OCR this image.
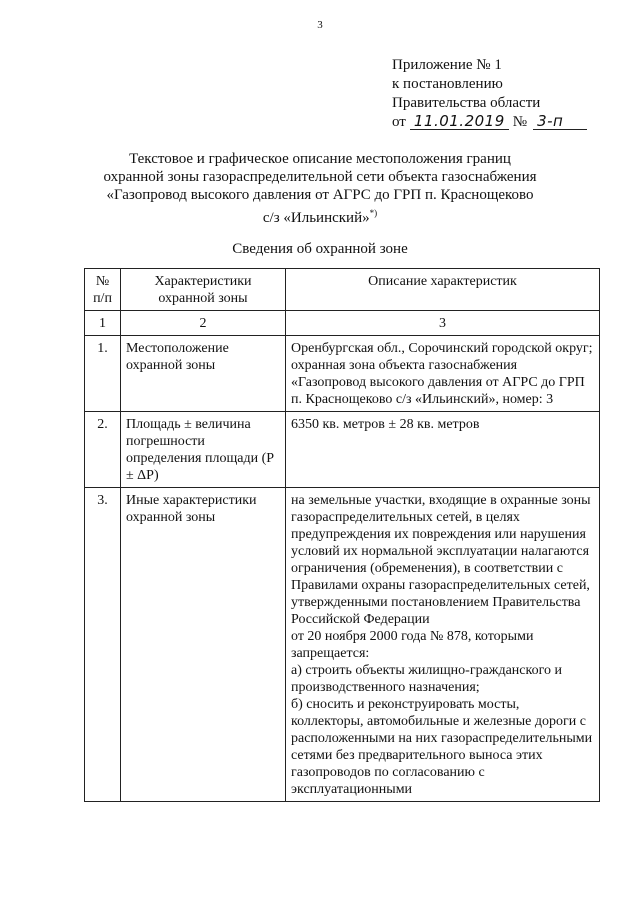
3
Приложение № 1
к постановлению
Правительства области
от 11.01.2019 № 3-п
Текстовое и графическое описание местоположения границ
охранной зоны газораспределительной сети объекта газоснабжения
«Газопровод высокого давления от АГРС до ГРП п. Краснощеково
с/з «Ильинский»*)
Сведения об охранной зоне
№ п/п	Характеристики охранной зоны	Описание характеристик
1	2	3
1.	Местоположение охранной зоны	Оренбургская обл., Сорочинский городской округ; охранная зона объекта газоснабжения «Газопровод высокого давления от АГРС до ГРП п. Краснощеково с/з «Ильинский», номер: 3
2.	Площадь ± величина погрешности определения площади (P ± ΔP)	6350 кв. метров ± 28 кв. метров
3.	Иные характеристики охранной зоны	на земельные участки, входящие в охранные зоны газораспределительных сетей, в целях предупреждения их повреждения или нарушения условий их нормальной эксплуатации налагаются ограничения (обременения), в соответствии с Правилами охраны газораспределительных сетей, утвержденными постановлением Правительства Российской Федерации
от 20 ноября 2000 года № 878, которыми запрещается:
а) строить объекты жилищно-гражданского и производственного назначения;
б) сносить и реконструировать мосты, коллекторы, автомобильные и железные дороги с расположенными на них газораспределительными сетями без предварительного выноса этих газопроводов по согласованию с эксплуатационными
